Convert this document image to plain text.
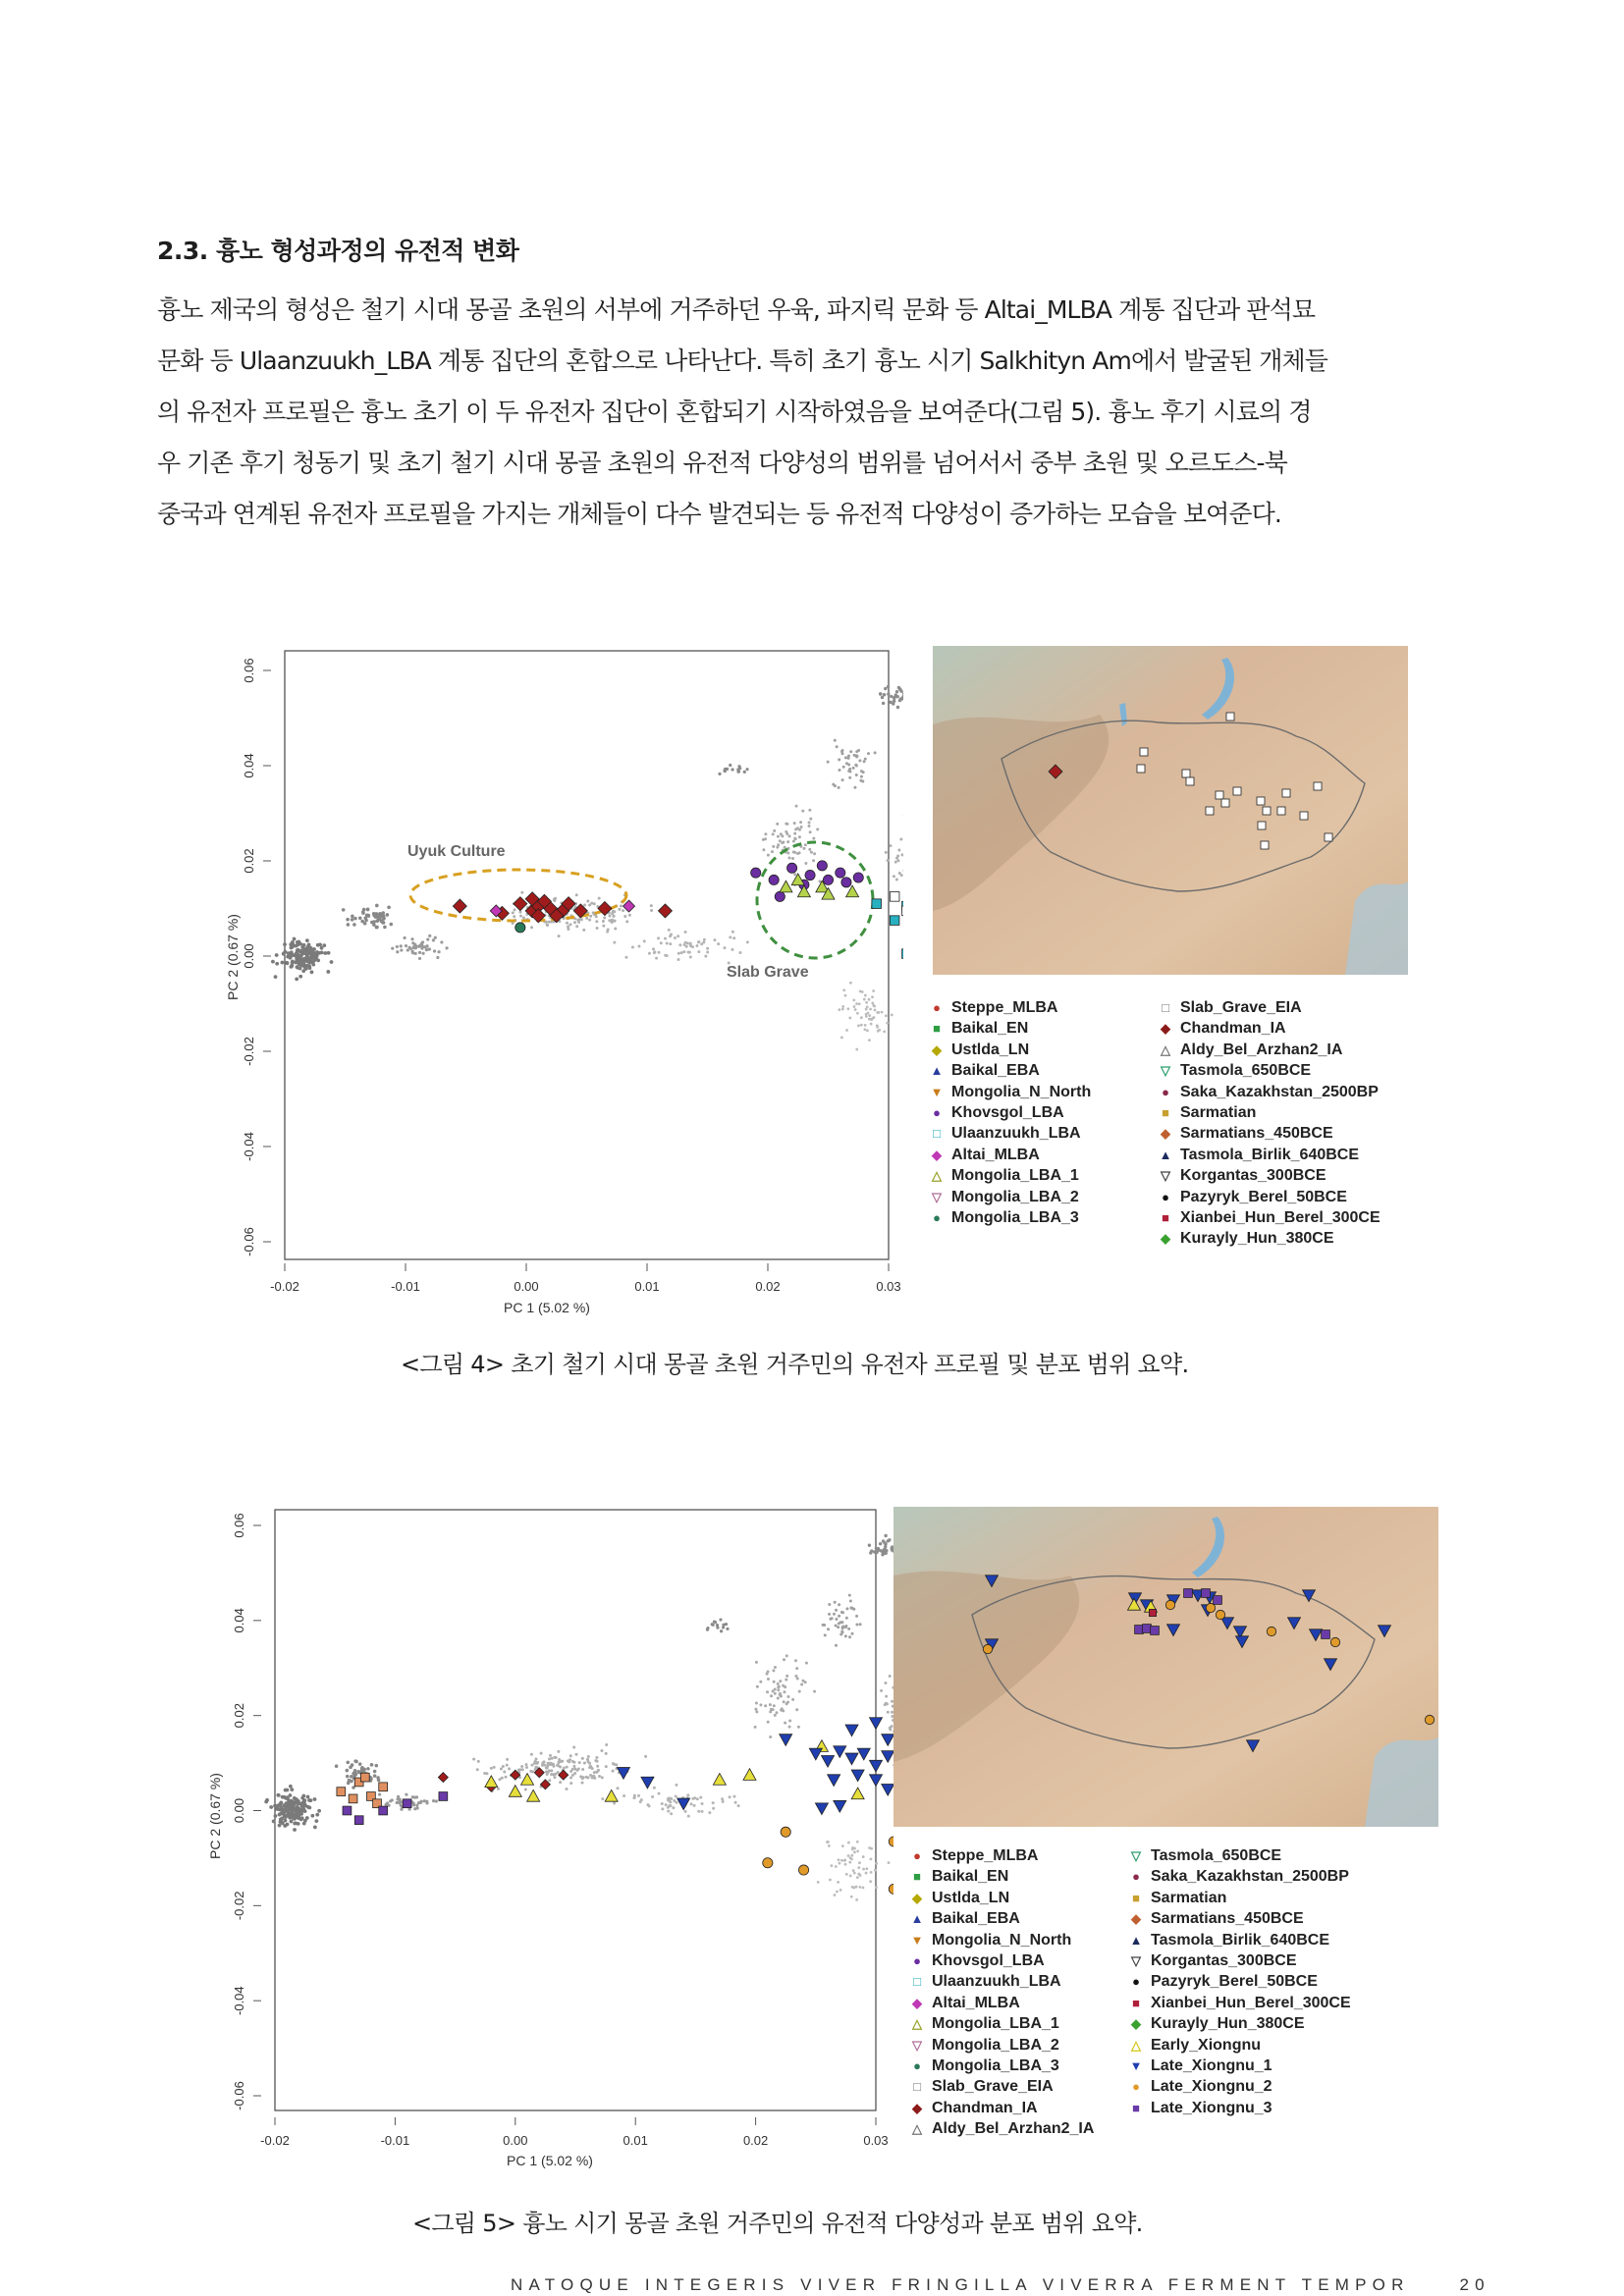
2.3. 흉노 형성과정의 유전적 변화

흉노 제국의 형성은 철기 시대 몽골 초원의 서부에 거주하던 우육, 파지릭 문화 등 Altai_MLBA 계통 집단과 판석묘

문화 등 Ulaanzuukh_LBA 계통 집단의 혼합으로 나타난다. 특히 초기 흉노 시기 Salkhityn Am에서 발굴된 개체들

의 유전자 프로필은 흉노 초기 이 두 유전자 집단이 혼합되기 시작하였음을 보여준다(그림 5). 흉노 후기 시료의 경

우 기존 후기 청동기 및 초기 철기 시대 몽골 초원의 유전적 다양성의 범위를 넘어서서 중부 초원 및 오르도스-북

중국과 연계된 유전자 프로필을 가지는 개체들이 다수 발견되는 등 유전적 다양성이 증가하는 모습을 보여준다.

-0.02	-0.01	0.00	0.01	0.02	0.03
0.06
0.04
0.02
0.00
-0.02
-0.04
-0.06
Uyuk Culture
Slab Grave
PC 1 (5.02 %)
PC 2 (0.67 %)
● Steppe_MLBA
■ Baikal_EN
◆ Ustlda_LN
▲ Baikal_EBA
▼ Mongolia_N_North
● Khovsgol_LBA
□ Ulaanzuukh_LBA
◆ Altai_MLBA
△ Mongolia_LBA_1
▽ Mongolia_LBA_2
● Mongolia_LBA_3
□ Slab_Grave_EIA
◆ Chandman_IA
△ Aldy_Bel_Arzhan2_IA
▽ Tasmola_650BCE
● Saka_Kazakhstan_2500BP
■ Sarmatian
◆ Sarmatians_450BCE
▲ Tasmola_Birlik_640BCE
▽ Korgantas_300BCE
● Pazyryk_Berel_50BCE
■ Xianbei_Hun_Berel_300CE
◆ Kurayly_Hun_380CE
<그림 4> 초기 철기 시대 몽골 초원 거주민의 유전자 프로필 및 분포 범위 요약.
-0.02	-0.01	0.00	0.01	0.02	0.03
0.06
0.04
0.02
0.00
-0.02
-0.04
-0.06
PC 1 (5.02 %)
PC 2 (0.67 %)	● Steppe_MLBA
■ Baikal_EN
◆ Ustlda_LN
▲ Baikal_EBA
▼ Mongolia_N_North
● Khovsgol_LBA
□ Ulaanzuukh_LBA
◆ Altai_MLBA
△ Mongolia_LBA_1
▽ Mongolia_LBA_2
● Mongolia_LBA_3
□ Slab_Grave_EIA
◆ Chandman_IA
△ Aldy_Bel_Arzhan2_IA
▽ Tasmola_650BCE
● Saka_Kazakhstan_2500BP
■ Sarmatian
◆ Sarmatians_450BCE
▲ Tasmola_Birlik_640BCE
▽ Korgantas_300BCE
● Pazyryk_Berel_50BCE
■ Xianbei_Hun_Berel_300CE
◆ Kurayly_Hun_380CE
△ Early_Xiongnu
▼ Late_Xiongnu_1
● Late_Xiongnu_2
■ Late_Xiongnu_3
<그림 5> 흉노 시기 몽골 초원 거주민의 유전적 다양성과 분포 범위 요약.
NATOQUE INTEGERIS VIVER FRINGILLA VIVERRA FERMENT TEMPOR	20
